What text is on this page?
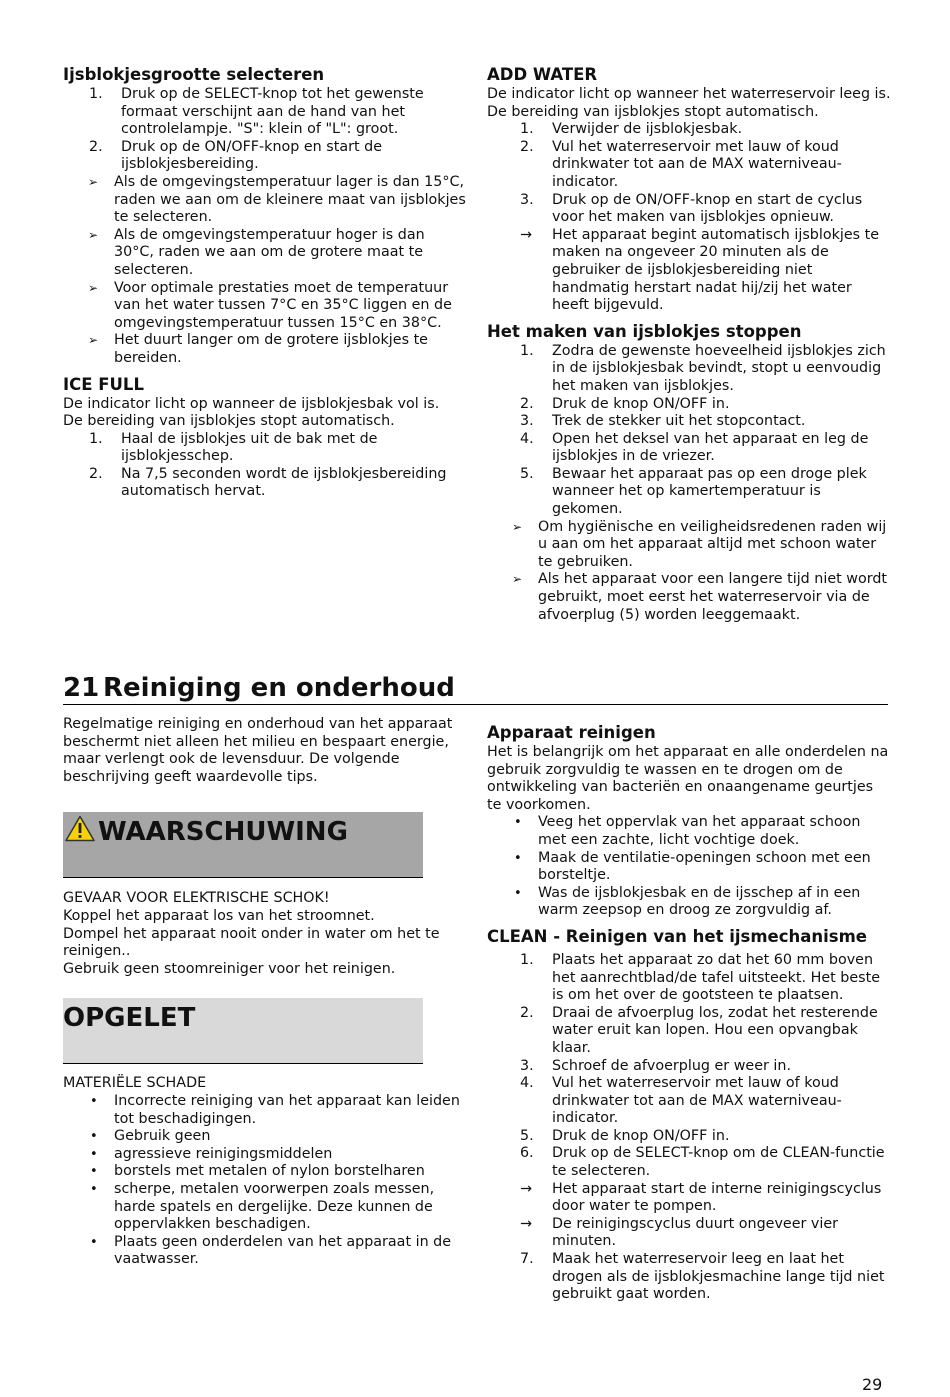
Ijsblokjesgrootte selecteren
1. Druk op de SELECT-knop tot het gewenste formaat verschijnt aan de hand van het controlelampje. "S": klein of "L": groot.
2. Druk op de ON/OFF-knop en start de ijsblokjesbereiding.
➢ Als de omgevingstemperatuur lager is dan 15°C, raden we aan om de kleinere maat van ijsblokjes te selecteren.
➢ Als de omgevingstemperatuur hoger is dan 30°C, raden we aan om de grotere maat te selecteren.
➢ Voor optimale prestaties moet de temperatuur van het water tussen 7°C en 35°C liggen en de omgevingstemperatuur tussen 15°C en 38°C.
➢ Het duurt langer om de grotere ijsblokjes te bereiden.
ICE FULL

De indicator licht op wanneer de ijsblokjesbak vol is.

De bereiding van ijsblokjes stopt automatisch.

1. Haal de ijsblokjes uit de bak met de ijsblokjesschep.
2. Na 7,5 seconden wordt de ijsblokjesbereiding automatisch hervat.
ADD WATER

De indicator licht op wanneer het waterreservoir leeg is.

De bereiding van ijsblokjes stopt automatisch.

1. Verwijder de ijsblokjesbak.
2. Vul het waterreservoir met lauw of koud drinkwater tot aan de MAX waterniveau-indicator.
3. Druk op de ON/OFF-knop en start de cyclus voor het maken van ijsblokjes opnieuw.
→ Het apparaat begint automatisch ijsblokjes te maken na ongeveer 20 minuten als de gebruiker de ijsblokjesbereiding niet handmatig herstart nadat hij/zij het water heeft bijgevuld.
Het maken van ijsblokjes stoppen
1. Zodra de gewenste hoeveelheid ijsblokjes zich in de ijsblokjesbak bevindt, stopt u eenvoudig het maken van ijsblokjes.
2. Druk de knop ON/OFF in.
3. Trek de stekker uit het stopcontact.
4. Open het deksel van het apparaat en leg de ijsblokjes in de vriezer.
5. Bewaar het apparaat pas op een droge plek wanneer het op kamertemperatuur is gekomen.
➢ Om hygiënische en veiligheidsredenen raden wij u aan om het apparaat altijd met schoon water te gebruiken.
➢ Als het apparaat voor een langere tijd niet wordt gebruikt, moet eerst het waterreservoir via de afvoerplug (5) worden leeggemaakt.
21 Reiniging en onderhoud

Regelmatige reiniging en onderhoud van het apparaat beschermt niet alleen het milieu en bespaart energie, maar verlengt ook de levensduur. De volgende beschrijving geeft waardevolle tips.

WAARSCHUWING

GEVAAR VOOR ELEKTRISCHE SCHOK!

Koppel het apparaat los van het stroomnet.

Dompel het apparaat nooit onder in water om het te reinigen..

Gebruik geen stoomreiniger voor het reinigen.

OPGELET

MATERIËLE SCHADE

• Incorrecte reiniging van het apparaat kan leiden tot beschadigingen.
• Gebruik geen
• agressieve reinigingsmiddelen
• borstels met metalen of nylon borstelharen
• scherpe, metalen voorwerpen zoals messen, harde spatels en dergelijke. Deze kunnen de oppervlakken beschadigen.
• Plaats geen onderdelen van het apparaat in de vaatwasser.
Apparaat reinigen

Het is belangrijk om het apparaat en alle onderdelen na gebruik zorgvuldig te wassen en te drogen om de ontwikkeling van bacteriën en onaangename geurtjes te voorkomen.

• Veeg het oppervlak van het apparaat schoon met een zachte, licht vochtige doek.
• Maak de ventilatie-openingen schoon met een borsteltje.
• Was de ijsblokjesbak en de ijsschep af in een warm zeepsop en droog ze zorgvuldig af.
CLEAN - Reinigen van het ijsmechanisme
1. Plaats het apparaat zo dat het 60 mm boven het aanrechtblad/de tafel uitsteekt. Het beste is om het over de gootsteen te plaatsen.
2. Draai de afvoerplug los, zodat het resterende water eruit kan lopen. Hou een opvangbak klaar.
3. Schroef de afvoerplug er weer in.
4. Vul het waterreservoir met lauw of koud drinkwater tot aan de MAX waterniveau-indicator.
5. Druk de knop ON/OFF in.
6. Druk op de SELECT-knop om de CLEAN-functie te selecteren.
→ Het apparaat start de interne reinigingscyclus door water te pompen.
→ De reinigingscyclus duurt ongeveer vier minuten.
7. Maak het waterreservoir leeg en laat het drogen als de ijsblokjesmachine lange tijd niet gebruikt gaat worden.
29
